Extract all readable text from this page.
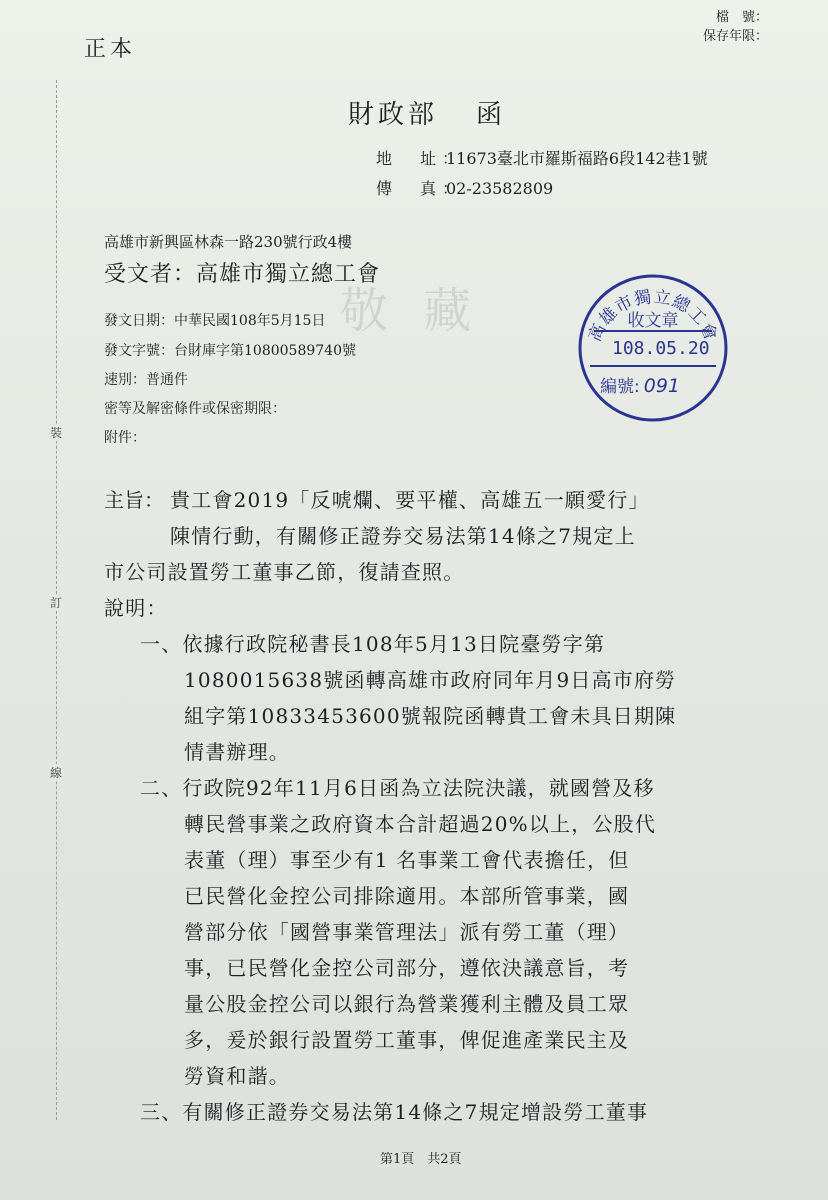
裝
訂
線
正本
檔　號：
保存年限：
財政部 函
地　址：11673臺北市羅斯福路6段142巷1號
傳　真：02-23582809
高雄市新興區林森一路230號行政4樓
受文者：高雄市獨立總工會
發文日期：中華民國108年5月15日
發文字號：台財庫字第10800589740號
速別：普通件
密等及解密條件或保密期限：
附件：
敬 藏	高雄市獨立總工會
收文章
108.05.20
編號: 091
主旨： 貴工會2019「反唬爛、要平權、高雄五一願愛行」
陳情行動，有關修正證券交易法第14條之7規定上
市公司設置勞工董事乙節，復請查照。
說明：
一、依據行政院秘書長108年5月13日院臺勞字第
1080015638號函轉高雄市政府同年月9日高市府勞
組字第10833453600號報院函轉貴工會未具日期陳
情書辦理。
二、行政院92年11月6日函為立法院決議，就國營及移
轉民營事業之政府資本合計超過20%以上，公股代
表董（理）事至少有1 名事業工會代表擔任，但
已民營化金控公司排除適用。本部所管事業，國
營部分依「國營事業管理法」派有勞工董（理）
事，已民營化金控公司部分，遵依決議意旨，考
量公股金控公司以銀行為營業獲利主體及員工眾
多，爰於銀行設置勞工董事，俾促進產業民主及
勞資和諧。
三、有關修正證券交易法第14條之7規定增設勞工董事
第1頁　共2頁
